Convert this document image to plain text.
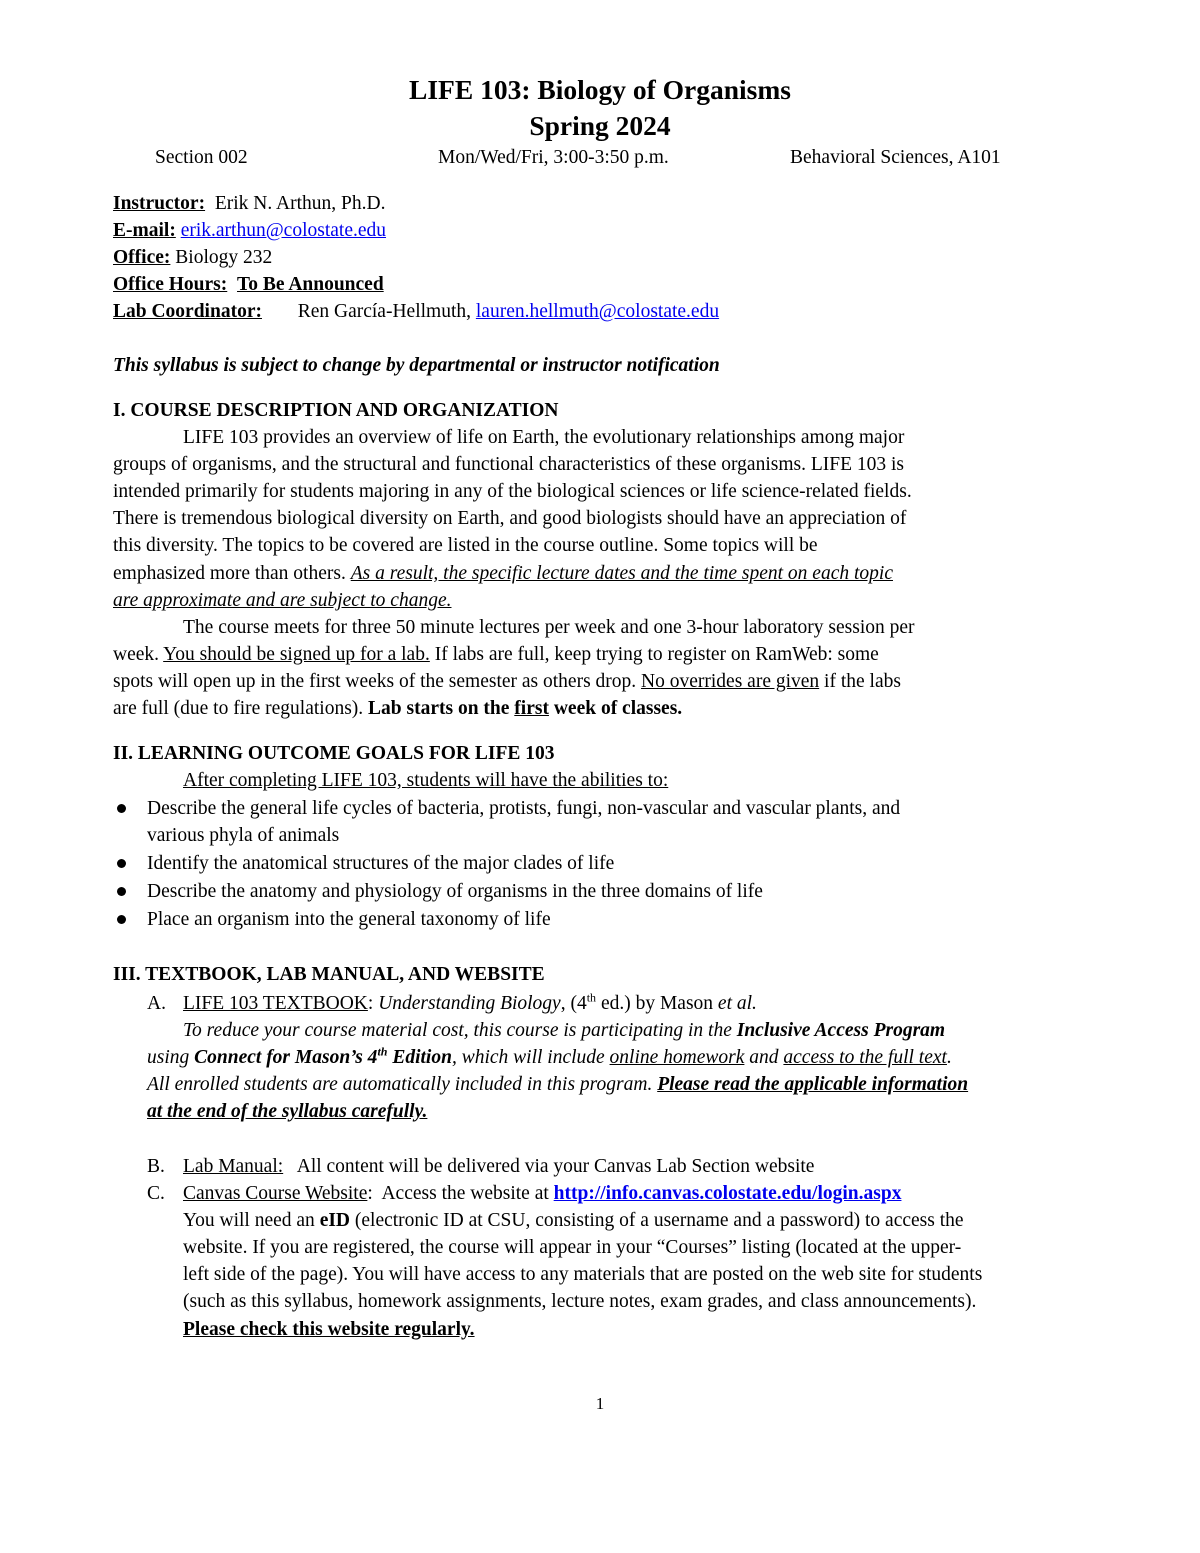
LIFE 103: Biology of Organisms
Spring 2024
Section 002	Mon/Wed/Fri, 3:00-3:50 p.m.	Behavioral Sciences, A101
Instructor: Erik N. Arthun, Ph.D.
E-mail: erik.arthun@colostate.edu
Office: Biology 232
Office Hours: To Be Announced
Lab Coordinator: Ren García-Hellmuth, lauren.hellmuth@colostate.edu
This syllabus is subject to change by departmental or instructor notification
I. COURSE DESCRIPTION AND ORGANIZATION
LIFE 103 provides an overview of life on Earth, the evolutionary relationships among major
groups of organisms, and the structural and functional characteristics of these organisms. LIFE 103 is
intended primarily for students majoring in any of the biological sciences or life science-related fields.
There is tremendous biological diversity on Earth, and good biologists should have an appreciation of
this diversity. The topics to be covered are listed in the course outline. Some topics will be
emphasized more than others. As a result, the specific lecture dates and the time spent on each topic
are approximate and are subject to change.
The course meets for three 50 minute lectures per week and one 3-hour laboratory session per
week. You should be signed up for a lab. If labs are full, keep trying to register on RamWeb: some
spots will open up in the first weeks of the semester as others drop. No overrides are given if the labs
are full (due to fire regulations). Lab starts on the first week of classes.
II. LEARNING OUTCOME GOALS FOR LIFE 103
After completing LIFE 103, students will have the abilities to:
Describe the general life cycles of bacteria, protists, fungi, non-vascular and vascular plants, and
various phyla of animals
Identify the anatomical structures of the major clades of life
Describe the anatomy and physiology of organisms in the three domains of life
Place an organism into the general taxonomy of life
III. TEXTBOOK, LAB MANUAL, AND WEBSITE
A. LIFE 103 TEXTBOOK: Understanding Biology, (4th ed.) by Mason et al.
To reduce your course material cost, this course is participating in the Inclusive Access Program
using Connect for Mason’s 4th Edition, which will include online homework and access to the full text.
All enrolled students are automatically included in this program. Please read the applicable information
at the end of the syllabus carefully.
B. Lab Manual:   All content will be delivered via your Canvas Lab Section website
C. Canvas Course Website:  Access the website at http://info.canvas.colostate.edu/login.aspx
You will need an eID (electronic ID at CSU, consisting of a username and a password) to access the
website. If you are registered, the course will appear in your “Courses” listing (located at the upper-
left side of the page). You will have access to any materials that are posted on the web site for students
(such as this syllabus, homework assignments, lecture notes, exam grades, and class announcements).
Please check this website regularly.
1
